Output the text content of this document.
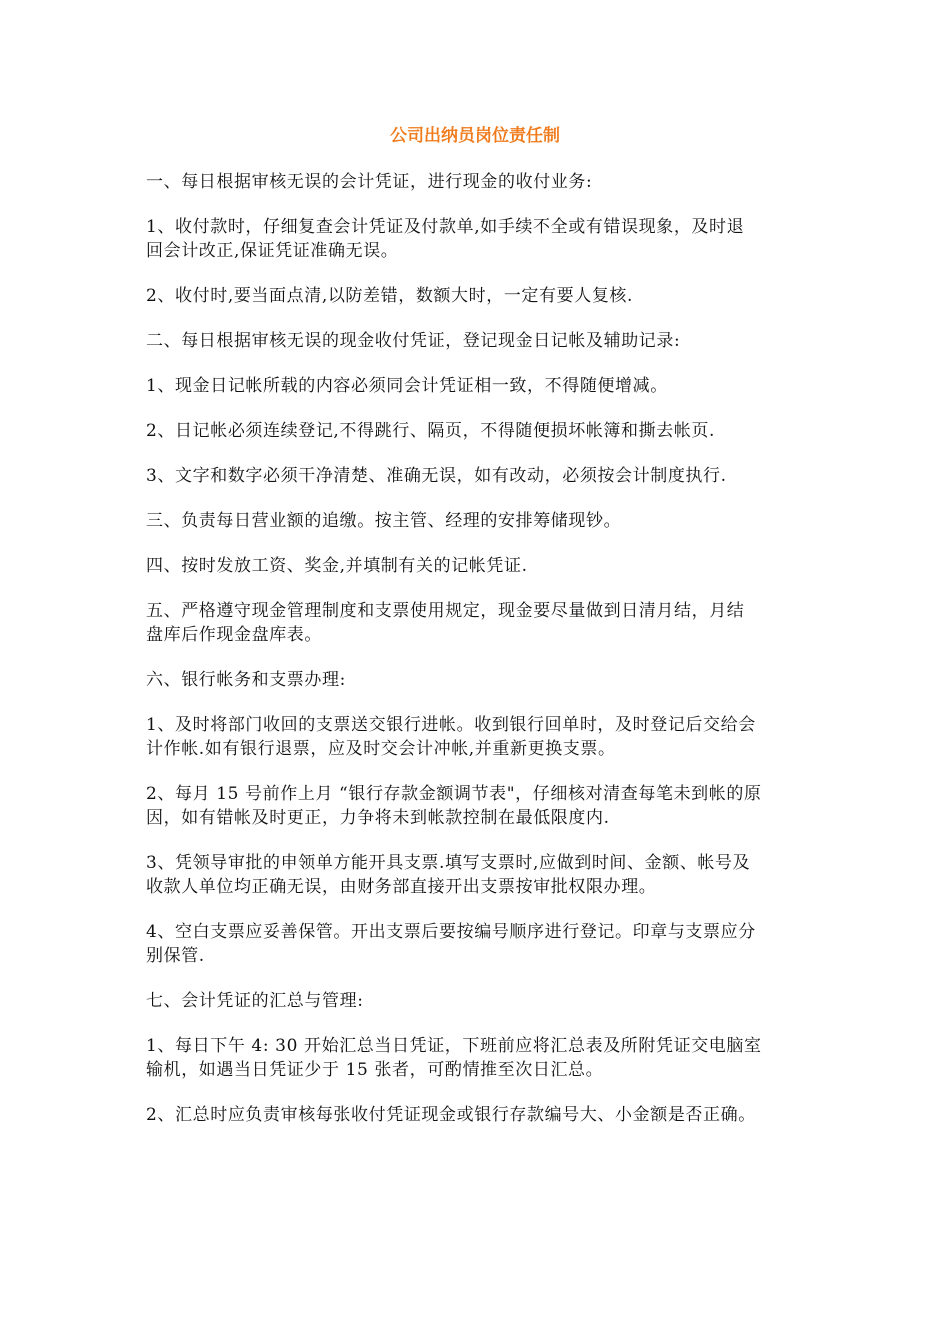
公司出纳员岗位责任制
一、每日根据审核无误的会计凭证，进行现金的收付业务:
1、收付款时，仔细复查会计凭证及付款单,如手续不全或有错误现象，及时退
回会计改正,保证凭证准确无误。
2、收付时,要当面点清,以防差错，数额大时，一定有要人复核.
二、每日根据审核无误的现金收付凭证，登记现金日记帐及辅助记录:
1、现金日记帐所载的内容必须同会计凭证相一致，不得随便增减。
2、日记帐必须连续登记,不得跳行、隔页，不得随便损坏帐簿和撕去帐页.
3、文字和数字必须干净清楚、准确无误，如有改动，必须按会计制度执行.
三、负责每日营业额的追缴。按主管、经理的安排筹储现钞。
四、按时发放工资、奖金,并填制有关的记帐凭证.
五、严格遵守现金管理制度和支票使用规定，现金要尽量做到日清月结，月结
盘库后作现金盘库表。
六、银行帐务和支票办理:
1、及时将部门收回的支票送交银行进帐。收到银行回单时，及时登记后交给会
计作帐.如有银行退票，应及时交会计冲帐,并重新更换支票。
2、每月 15 号前作上月 “银行存款金额调节表"，仔细核对清查每笔未到帐的原
因，如有错帐及时更正，力争将未到帐款控制在最低限度内.
3、凭领导审批的申领单方能开具支票.填写支票时,应做到时间、金额、帐号及
收款人单位均正确无误，由财务部直接开出支票按审批权限办理。
4、空白支票应妥善保管。开出支票后要按编号顺序进行登记。印章与支票应分
别保管.
七、会计凭证的汇总与管理:
1、每日下午 4: 30 开始汇总当日凭证，下班前应将汇总表及所附凭证交电脑室
输机，如遇当日凭证少于 15 张者，可酌情推至次日汇总。
2、汇总时应负责审核每张收付凭证现金或银行存款编号大、小金额是否正确。
